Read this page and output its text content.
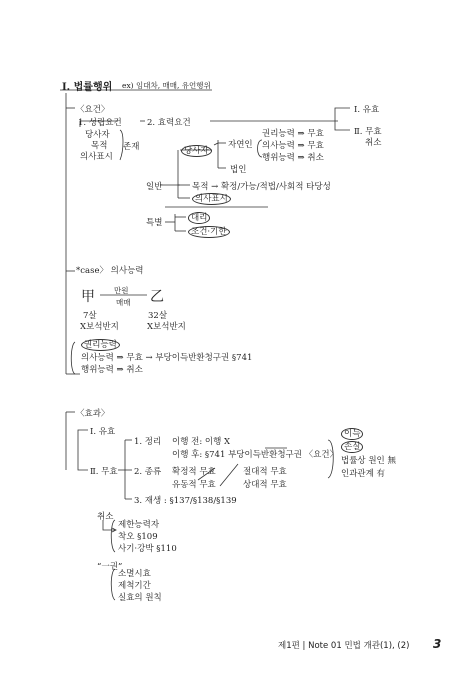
Ⅰ. 법률행위 ex) 임대차, 매매, 유언행위
〈요건〉
1. 성립요건
당사자
목적
의사표시
존재
2. 효력요건
Ⅰ. 유효
Ⅱ. 무효
취소
당사자
자연인
법인
권리능력 ⇒ 무효
의사능력 ⇒ 무효
행위능력 ⇒ 취소
일반	목적 → 확정/가능/적법/사회적 타당성
의사표시
특별	대리
조건·기한
*case〉 의사능력
甲	乙
만원
매매
7살	32살
X보석반지	X보석반지
권리능력
의사능력 ⇒ 무효 → 부당이득반환청구권 §741
행위능력 ⇒ 취소
〈효과〉
Ⅰ. 유효
Ⅱ. 무효
1. 정리 이행 전: 이행 X
이행 후: §741 부당이득반환청구권 〈요건〉
이득
손실
법률상 원인 無
인과관계 有
2. 종류 확정적 무효
유동적 무효
절대적 무효
상대적 무효
3. 재생 : §137/§138/§139
취소
제한능력자
착오 §109
사기·강박 §110
“一권”
소멸시효
제척기간
실효의 원칙
제1편 | Note 01 민법 개관(1), (2) 3
